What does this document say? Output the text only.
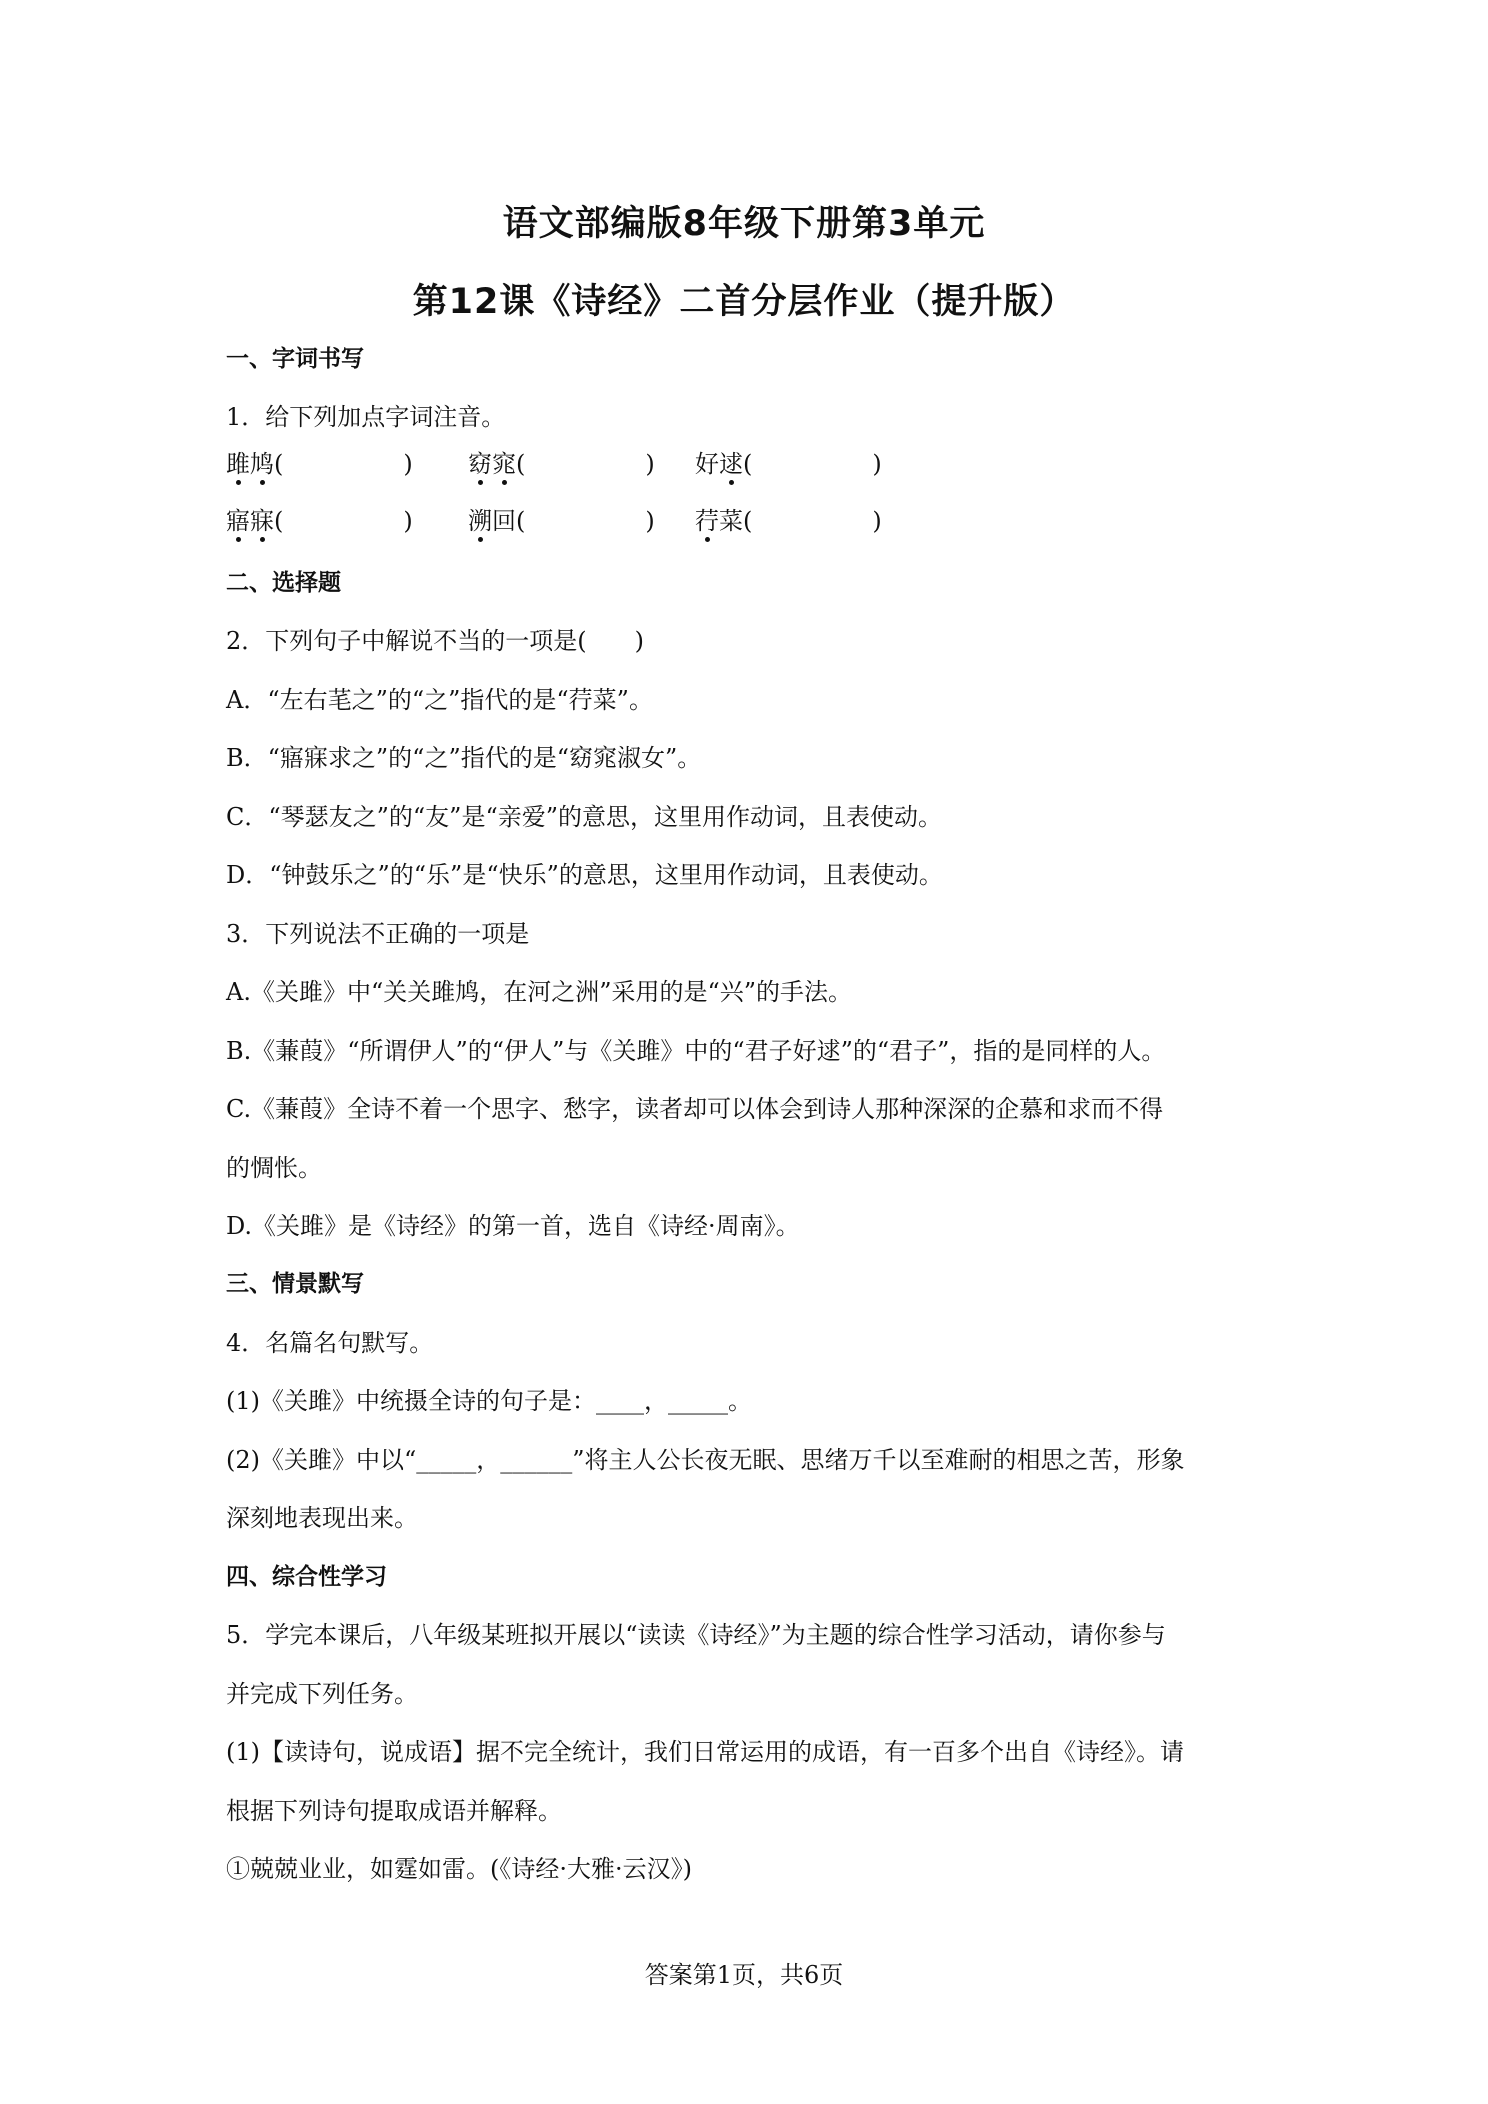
语文部编版8年级下册第3单元
第12课《诗经》二首分层作业（提升版）
一、字词书写
1．给下列加点字词注音。
雎鸠(　　　　　) 窈窕(　　　　　) 好逑(　　　　　)
寤寐(　　　　　) 溯回(　　　　　) 荇菜(　　　　　)
二、选择题
2．下列句子中解说不当的一项是(　　)
A．“左右芼之”的“之”指代的是“荇菜”。
B．“寤寐求之”的“之”指代的是“窈窕淑女”。
C．“琴瑟友之”的“友”是“亲爱”的意思，这里用作动词，且表使动。
D．“钟鼓乐之”的“乐”是“快乐”的意思，这里用作动词，且表使动。
3．下列说法不正确的一项是
A.《关雎》中“关关雎鸠，在河之洲”采用的是“兴”的手法。
B.《蒹葭》“所谓伊人”的“伊人”与《关雎》中的“君子好逑”的“君子”，指的是同样的人。
C.《蒹葭》全诗不着一个思字、愁字，读者却可以体会到诗人那种深深的企慕和求而不得
的惆怅。
D.《关雎》是《诗经》的第一首，选自《诗经·周南》。
三、情景默写
4．名篇名句默写。
(1)《关雎》中统摄全诗的句子是：____，_____。
(2)《关雎》中以“_____，______”将主人公长夜无眠、思绪万千以至难耐的相思之苦，形象
深刻地表现出来。
四、综合性学习
5．学完本课后，八年级某班拟开展以“读读《诗经》”为主题的综合性学习活动，请你参与
并完成下列任务。
(1)【读诗句，说成语】据不完全统计，我们日常运用的成语，有一百多个出自《诗经》。请
根据下列诗句提取成语并解释。
①兢兢业业，如霆如雷。(《诗经·大雅·云汉》)
答案第1页，共6页
